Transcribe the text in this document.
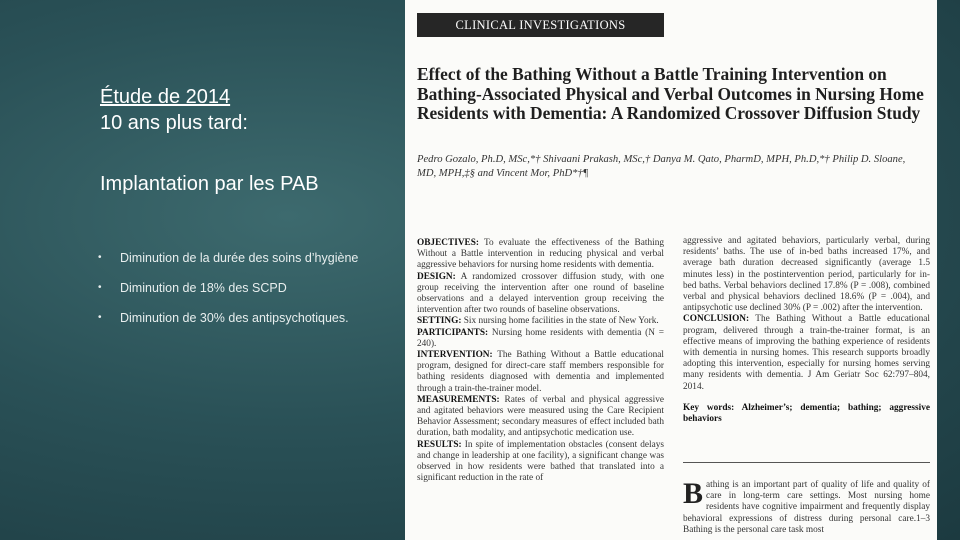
Étude de 2014
10 ans plus tard:
Implantation par les PAB
• Diminution de la durée des soins d’hygiène
• Diminution de 18% des SCPD
• Diminution de 30% des antipsychotiques.
CLINICAL INVESTIGATIONS
Effect of the Bathing Without a Battle Training Intervention on Bathing-Associated Physical and Verbal Outcomes in Nursing Home Residents with Dementia: A Randomized Crossover Diffusion Study
Pedro Gozalo, Ph.D, MSc,*† Shivaani Prakash, MSc,† Danya M. Qato, PharmD, MPH, Ph.D,*† Philip D. Sloane, MD, MPH,‡§ and Vincent Mor, PhD*†¶

OBJECTIVES: To evaluate the effectiveness of the Bathing Without a Battle intervention in reducing physical and verbal aggressive behaviors for nursing home residents with dementia.

DESIGN: A randomized crossover diffusion study, with one group receiving the intervention after one round of baseline observations and a delayed intervention group receiving the intervention after two rounds of baseline observations.

SETTING: Six nursing home facilities in the state of New York.

PARTICIPANTS: Nursing home residents with dementia (N = 240).

INTERVENTION: The Bathing Without a Battle educational program, designed for direct-care staff members responsible for bathing residents diagnosed with dementia and implemented through a train-the-trainer model.

MEASUREMENTS: Rates of verbal and physical aggressive and agitated behaviors were measured using the Care Recipient Behavior Assessment; secondary measures of effect included bath duration, bath modality, and antipsychotic medication use.

RESULTS: In spite of implementation obstacles (consent delays and change in leadership at one facility), a significant change was observed in how residents were bathed that translated into a significant reduction in the rate of

aggressive and agitated behaviors, particularly verbal, during residents’ baths. The use of in-bed baths increased 17%, and average bath duration decreased significantly (average 1.5 minutes less) in the postintervention period, particularly for in-bed baths. Verbal behaviors declined 17.8% (P = .008), combined verbal and physical behaviors declined 18.6% (P = .004), and antipsychotic use declined 30% (P = .002) after the intervention.

CONCLUSION: The Bathing Without a Battle educational program, delivered through a train-the-trainer format, is an effective means of improving the bathing experience of residents with dementia in nursing homes. This research supports broadly adopting this intervention, especially for nursing homes serving many residents with dementia. J Am Geriatr Soc 62:797–804, 2014.

Key words: Alzheimer’s; dementia; bathing; aggressive behaviors

Bathing is an important part of quality of life and quality of care in long-term care settings. Most nursing home residents have cognitive impairment and frequently display behavioral expressions of distress during personal care.1–3 Bathing is the personal care task most
